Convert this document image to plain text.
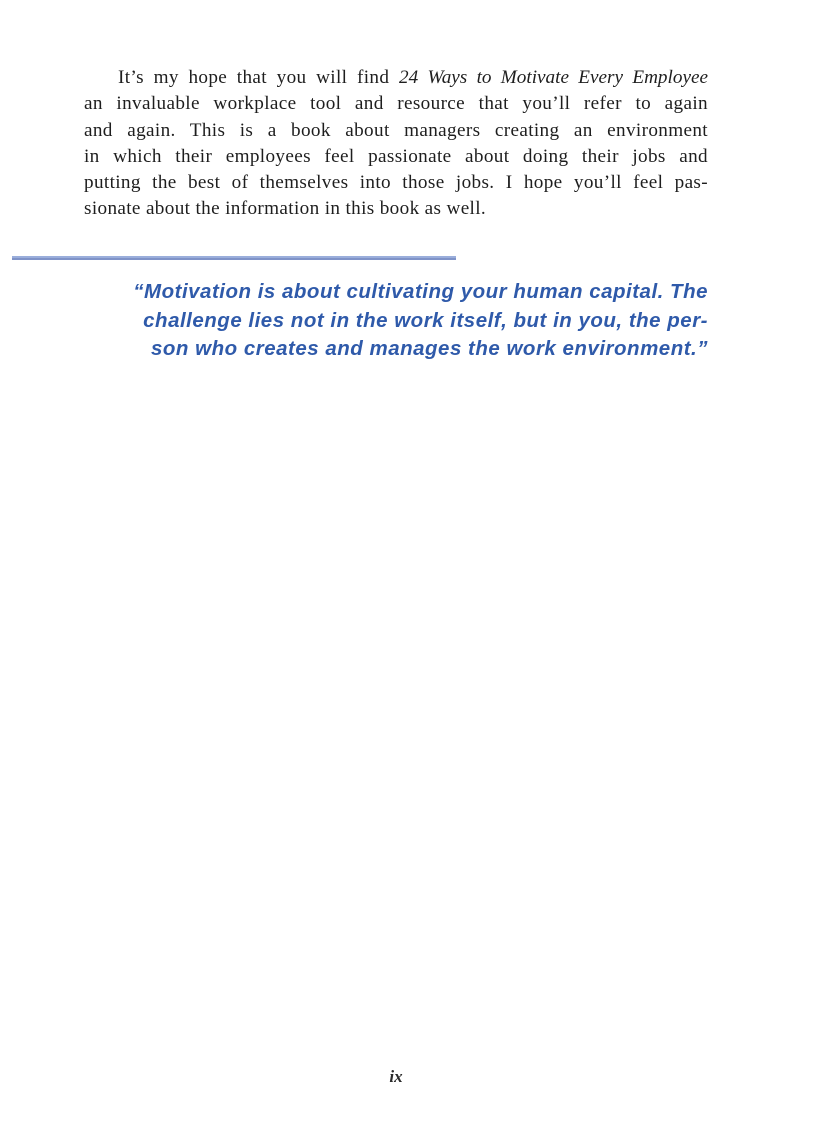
It’s my hope that you will find 24 Ways to Motivate Every Employee
an invaluable workplace tool and resource that you’ll refer to again
and again. This is a book about managers creating an environment
in which their employees feel passionate about doing their jobs and
putting the best of themselves into those jobs. I hope you’ll feel pas-
sionate about the information in this book as well.

“Motivation is about cultivating your human capital. The
challenge lies not in the work itself, but in you, the per-
son who creates and manages the work environment.”

ix
